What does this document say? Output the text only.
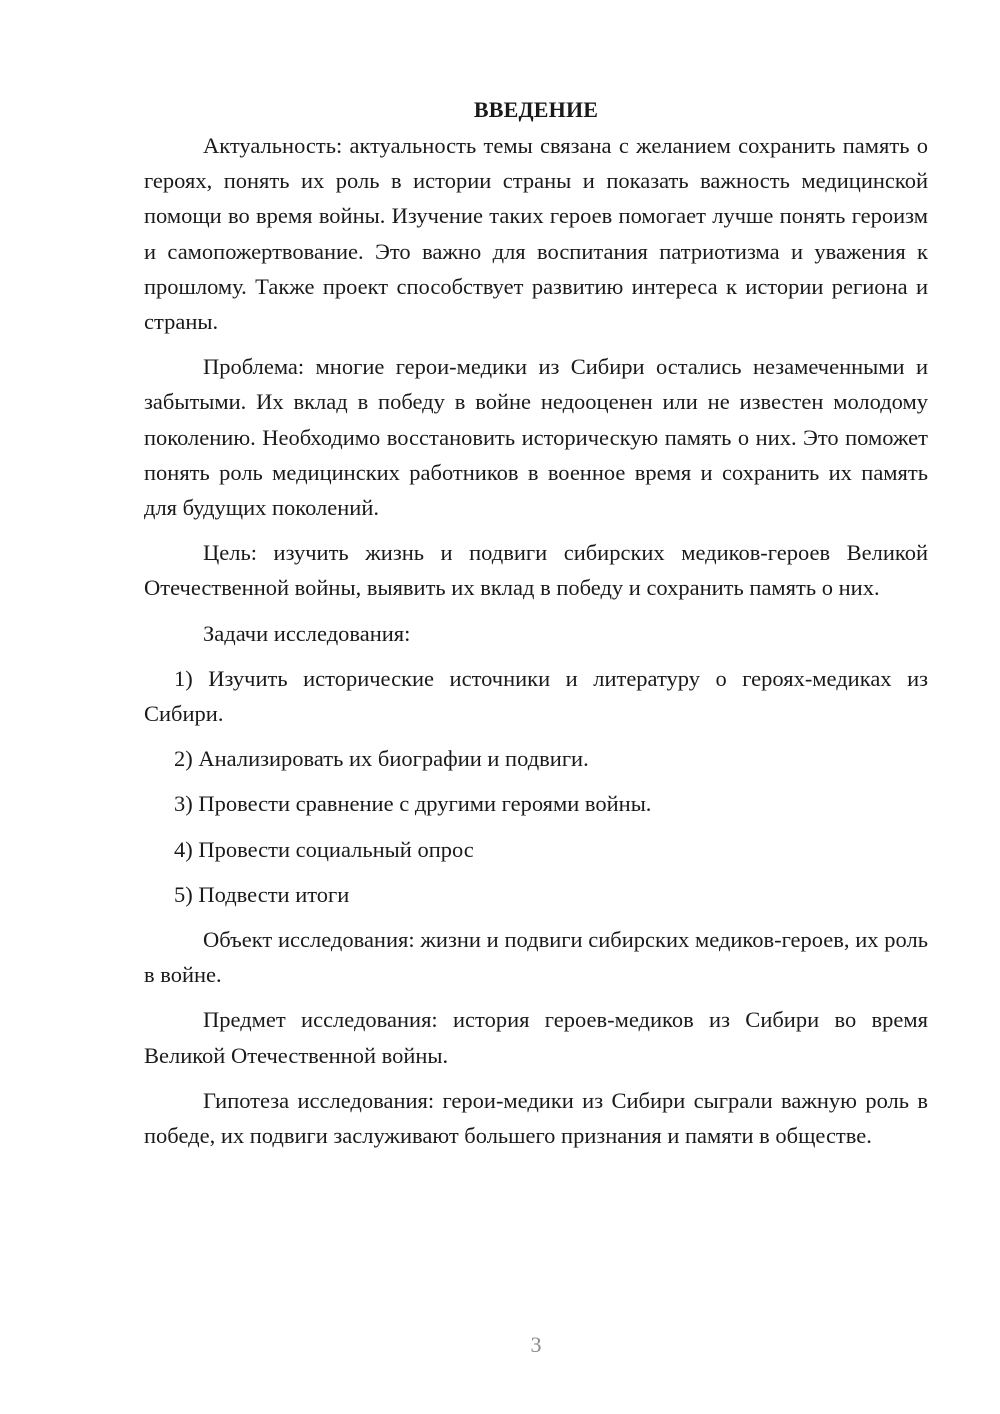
ВВЕДЕНИЕ

Актуальность: актуальность темы связана с желанием сохранить память о героях, понять их роль в истории страны и показать важность медицинской помощи во время войны. Изучение таких героев помогает лучше понять героизм и самопожертвование. Это важно для воспитания патриотизма и уважения к прошлому. Также проект способствует развитию интереса к истории региона и страны.

Проблема: многие герои-медики из Сибири остались незамеченными и забытыми. Их вклад в победу в войне недооценен или не известен молодому поколению. Необходимо восстановить историческую память о них. Это поможет понять роль медицинских работников в военное время и сохранить их память для будущих поколений.

Цель: изучить жизнь и подвиги сибирских медиков-героев Великой Отечественной войны, выявить их вклад в победу и сохранить память о них.

Задачи исследования:

1) Изучить исторические источники и литературу о героях-медиках из Сибири.

2) Анализировать их биографии и подвиги.

3) Провести сравнение с другими героями войны.

4) Провести социальный опрос

5) Подвести итоги

Объект исследования: жизни и подвиги сибирских медиков-героев, их роль в войне.

Предмет исследования: история героев-медиков из Сибири во время Великой Отечественной войны.

Гипотеза исследования: герои-медики из Сибири сыграли важную роль в победе, их подвиги заслуживают большего признания и памяти в обществе.

3
